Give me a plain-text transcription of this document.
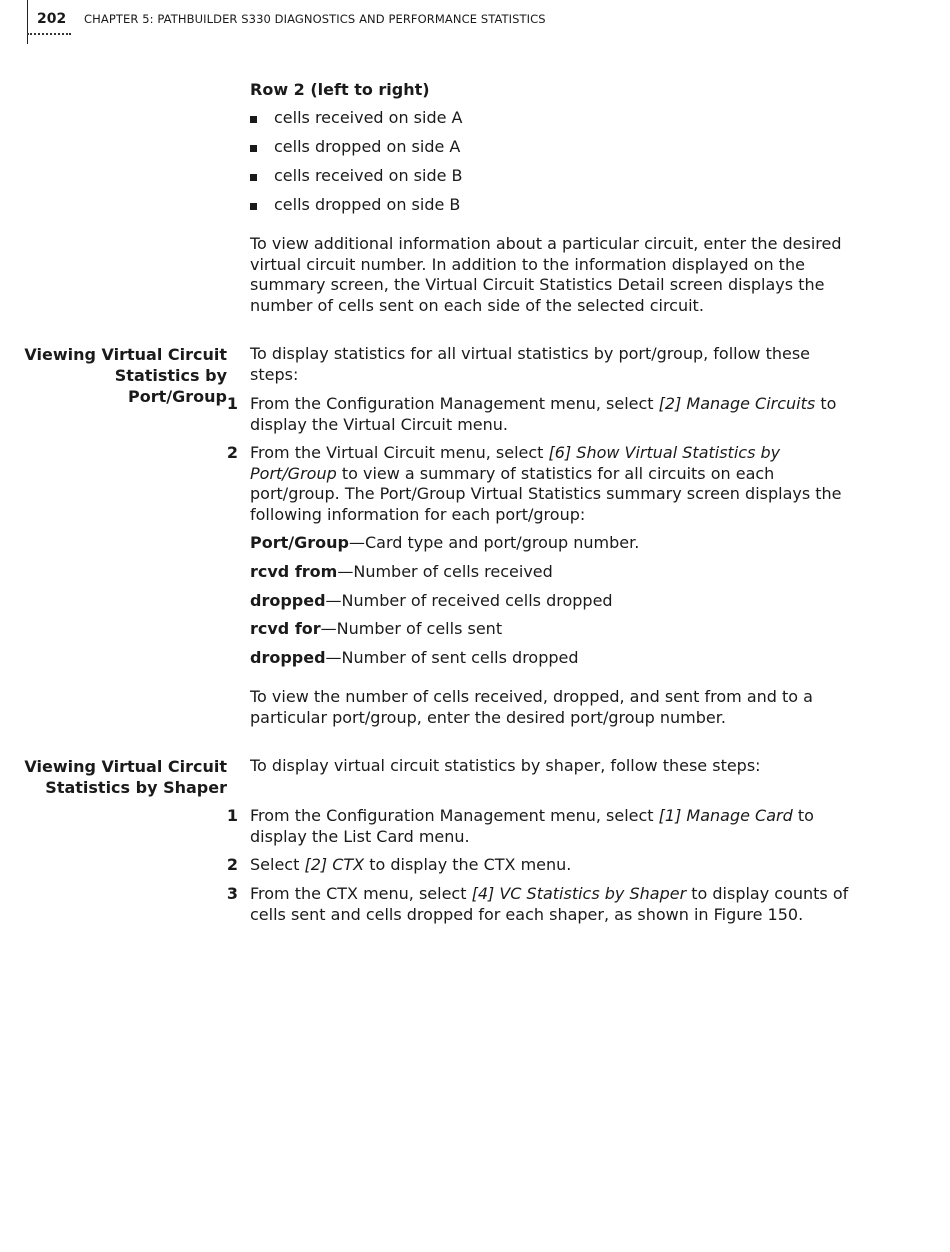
202 CHAPTER 5: PATHBUILDER S330 DIAGNOSTICS AND PERFORMANCE STATISTICS
Row 2 (left to right)
cells received on side A
cells dropped on side A
cells received on side B
cells dropped on side B
To view additional information about a particular circuit, enter the desired virtual circuit number. In addition to the information displayed on the summary screen, the Virtual Circuit Statistics Detail screen displays the number of cells sent on each side of the selected circuit.
Viewing Virtual Circuit
Statistics by Port/Group
To display statistics for all virtual statistics by port/group, follow these steps:
1 From the Configuration Management menu, select [2] Manage Circuits to display the Virtual Circuit menu.
2 From the Virtual Circuit menu, select [6] Show Virtual Statistics by Port/Group to view a summary of statistics for all circuits on each port/group. The Port/Group Virtual Statistics summary screen displays the following information for each port/group:
Port/Group—Card type and port/group number.
rcvd from—Number of cells received
dropped—Number of received cells dropped
rcvd for—Number of cells sent
dropped—Number of sent cells dropped
To view the number of cells received, dropped, and sent from and to a particular port/group, enter the desired port/group number.
Viewing Virtual Circuit
Statistics by Shaper
To display virtual circuit statistics by shaper, follow these steps:
1 From the Configuration Management menu, select [1] Manage Card to display the List Card menu.
2 Select [2] CTX to display the CTX menu.
3 From the CTX menu, select [4] VC Statistics by Shaper to display counts of cells sent and cells dropped for each shaper, as shown in Figure 150.
